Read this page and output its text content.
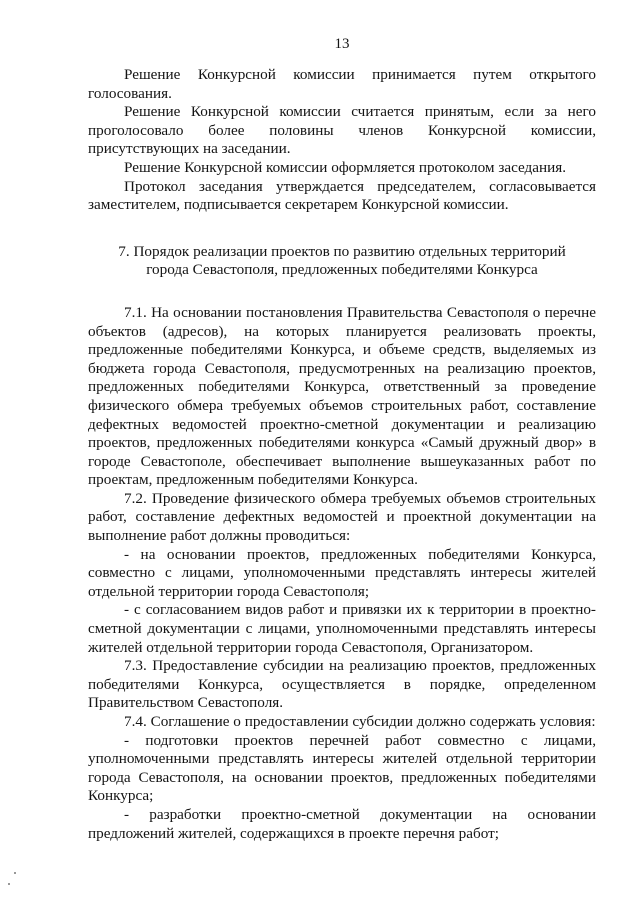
13

Решение Конкурсной комиссии принимается путем открытого голосования.

Решение Конкурсной комиссии считается принятым, если за него проголосовало более половины членов Конкурсной комиссии, присутствующих на заседании.

Решение Конкурсной комиссии оформляется протоколом заседания.

Протокол заседания утверждается председателем, согласовывается заместителем, подписывается секретарем Конкурсной комиссии.

7. Порядок реализации проектов по развитию отдельных территорий
города Севастополя, предложенных победителями Конкурса

7.1. На основании постановления Правительства Севастополя о перечне объектов (адресов), на которых планируется реализовать проекты, предложенные победителями Конкурса, и объеме средств, выделяемых из бюджета города Севастополя, предусмотренных на реализацию проектов, предложенных победителями Конкурса, ответственный за проведение физического обмера требуемых объемов строительных работ, составление дефектных ведомостей проектно-сметной документации и реализацию проектов, предложенных победителями конкурса «Самый дружный двор» в городе Севастополе, обеспечивает выполнение вышеуказанных работ по проектам, предложенным победителями Конкурса.

7.2. Проведение физического обмера требуемых объемов строительных работ, составление дефектных ведомостей и проектной документации на выполнение работ должны проводиться:

- на основании проектов, предложенных победителями Конкурса, совместно с лицами, уполномоченными представлять интересы жителей отдельной территории города Севастополя;

- с согласованием видов работ и привязки их к территории в проектно-сметной документации с лицами, уполномоченными представлять интересы жителей отдельной территории города Севастополя, Организатором.

7.3. Предоставление субсидии на реализацию проектов, предложенных победителями Конкурса, осуществляется в порядке, определенном Правительством Севастополя.

7.4. Соглашение о предоставлении субсидии должно содержать условия:

- подготовки проектов перечней работ совместно с лицами, уполномоченными представлять интересы жителей отдельной территории города Севастополя, на основании проектов, предложенных победителями Конкурса;

- разработки проектно-сметной документации на основании предложений жителей, содержащихся в проекте перечня работ;
